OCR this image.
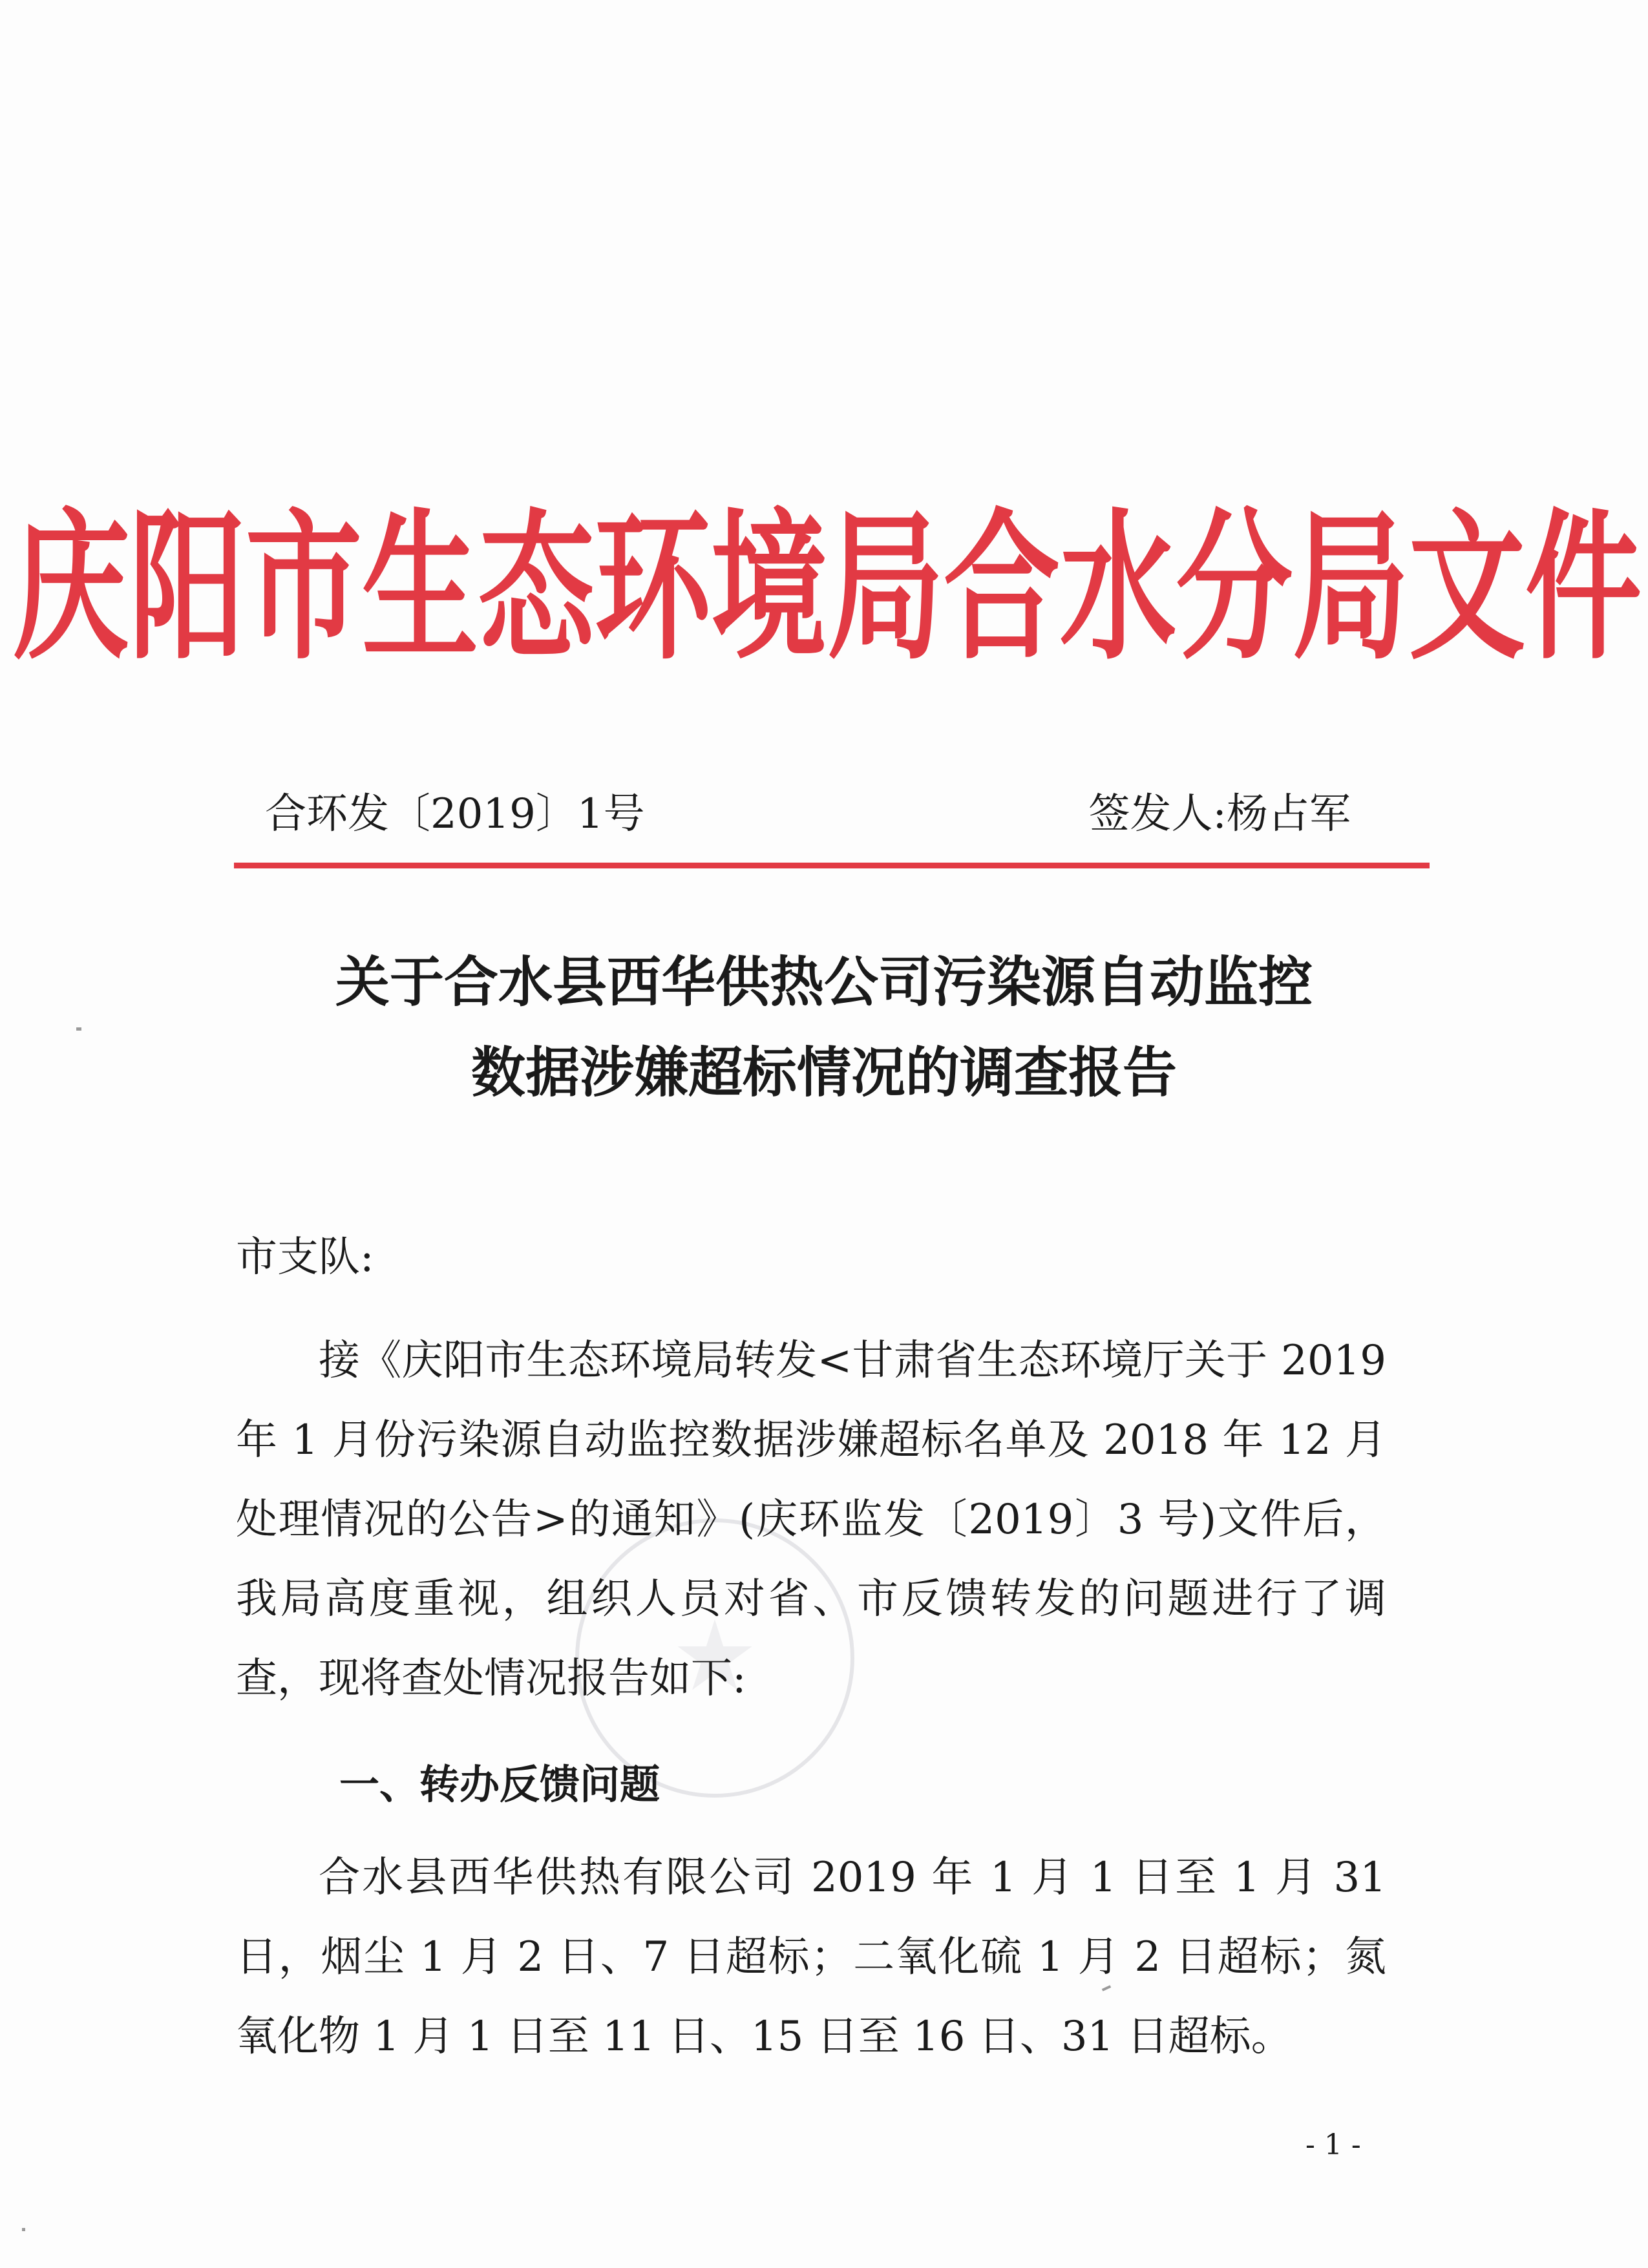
庆阳市生态环境局合水分局文件
合环发〔2019〕1号	签发人:杨占军
关于合水县西华供热公司污染源自动监控
数据涉嫌超标情况的调查报告
市支队:
接《庆阳市生态环境局转发<甘肃省生态环境厅关于 2019 年 1 月份污染源自动监控数据涉嫌超标名单及 2018 年 12 月处理情况的公告>的通知》(庆环监发〔2019〕3 号)文件后，我局高度重视，组织人员对省、市反馈转发的问题进行了调查，现将查处情况报告如下:
一、转办反馈问题
合水县西华供热有限公司 2019 年 1 月 1 日至 1 月 31 日，烟尘 1 月 2 日、7 日超标；二氧化硫 1 月 2 日超标；氮氧化物 1 月 1 日至 11 日、15 日至 16 日、31 日超标。
- 1 -
